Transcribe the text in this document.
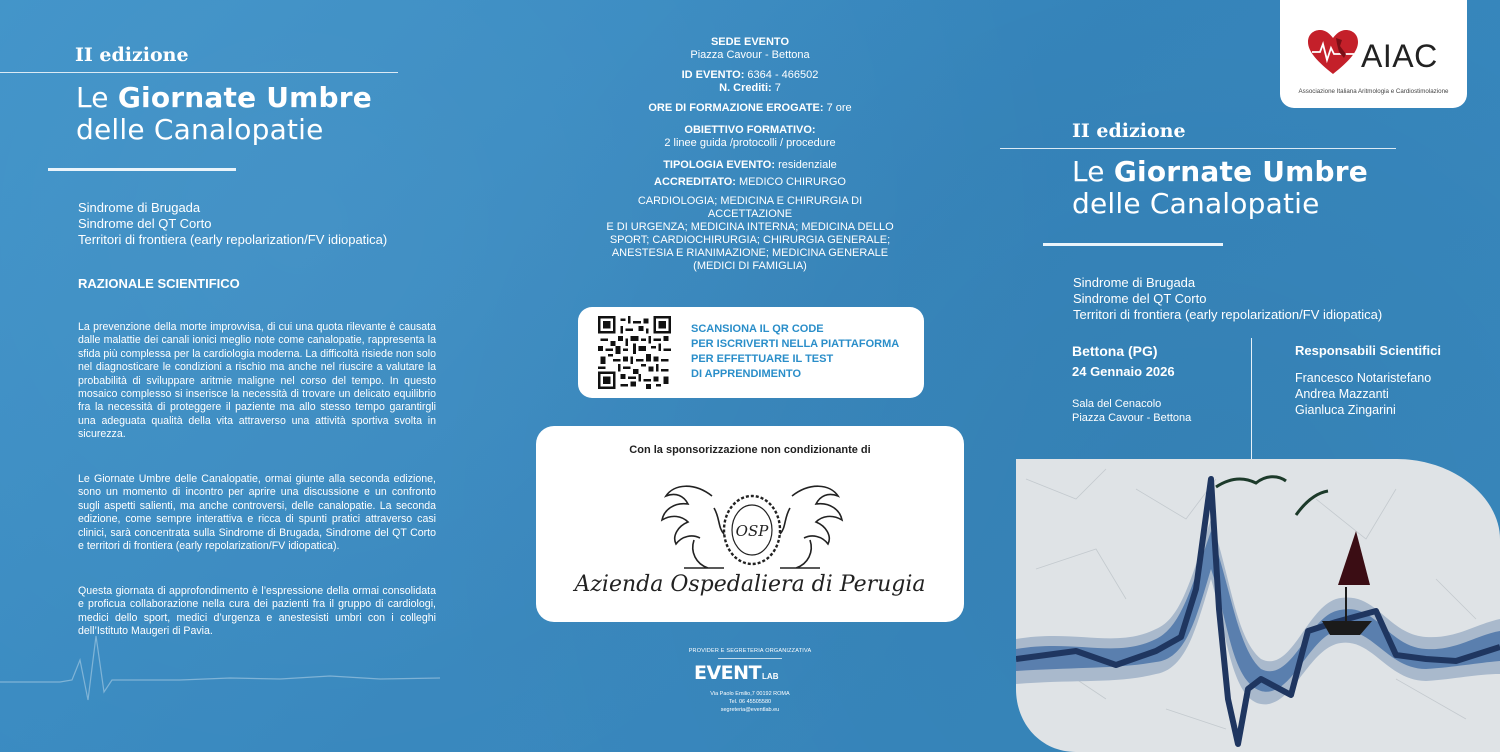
II edizione
Le Giornate Umbre
delle Canalopatie
Sindrome di Brugada
Sindrome del QT Corto
Territori di frontiera (early repolarization/FV idiopatica)
RAZIONALE SCIENTIFICO
La prevenzione della morte improvvisa, di cui una quota rilevante è causata dalle malattie dei canali ionici meglio note come canalopatie, rappresenta la sfida più complessa per la cardiologia moderna. La difficoltà risiede non solo nel diagnosticare le condizioni a rischio ma anche nel riuscire a valutare la probabilità di sviluppare aritmie maligne nel corso del tempo. In questo mosaico complesso si inserisce la necessità di trovare un delicato equilibrio fra la necessità di proteggere il paziente ma allo stesso tempo garantirgli una adeguata qualità della vita attraverso una attività sportiva svolta in sicurezza.
Le Giornate Umbre delle Canalopatie, ormai giunte alla seconda edizione, sono un momento di incontro per aprire una discussione e un confronto sugli aspetti salienti, ma anche controversi, delle canalopatie. La seconda edizione, come sempre interattiva e ricca di spunti pratici attraverso casi clinici, sarà concentrata sulla Sindrome di Brugada, Sindrome del QT Corto e territori di frontiera (early repolarization/FV idiopatica).
Questa giornata di approfondimento è l’espressione della ormai consolidata e proficua collaborazione nella cura dei pazienti fra il gruppo di cardiologi, medici dello sport, medici d’urgenza e anestesisti umbri con i colleghi dell’Istituto Maugeri di Pavia.
SEDE EVENTO
Piazza Cavour - Bettona
ID EVENTO: 6364 - 466502
N. Crediti: 7
ORE DI FORMAZIONE EROGATE: 7 ore
OBIETTIVO FORMATIVO:
2 linee guida /protocolli / procedure
TIPOLOGIA EVENTO: residenziale
ACCREDITATO: MEDICO CHIRURGO
CARDIOLOGIA; MEDICINA E CHIRURGIA DI ACCETTAZIONE
E DI URGENZA; MEDICINA INTERNA; MEDICINA DELLO
SPORT; CARDIOCHIRURGIA; CHIRURGIA GENERALE;
ANESTESIA E RIANIMAZIONE; MEDICINA GENERALE
(MEDICI DI FAMIGLIA)
SCANSIONA IL QR CODE
PER ISCRIVERTI NELLA PIATTAFORMA
PER EFFETTUARE IL TEST
DI APPRENDIMENTO
Con la sponsorizzazione non condizionante di
OSP
Azienda Ospedaliera di Perugia
PROVIDER E SEGRETERIA ORGANIZZATIVA
EVENTLAB
Via Paolo Emilio,7 00192 ROMA
Tel. 06 45505580
segreteria@eventlab.eu
AIAC
Associazione Italiana Aritmologia e Cardiostimolazione
II edizione
Le Giornate Umbre
delle Canalopatie
Sindrome di Brugada
Sindrome del QT Corto
Territori di frontiera (early repolarization/FV idiopatica)
Bettona (PG)
24 Gennaio 2026
Sala del Cenacolo
Piazza Cavour - Bettona
Responsabili Scientifici
Francesco Notaristefano
Andrea Mazzanti
Gianluca Zingarini
